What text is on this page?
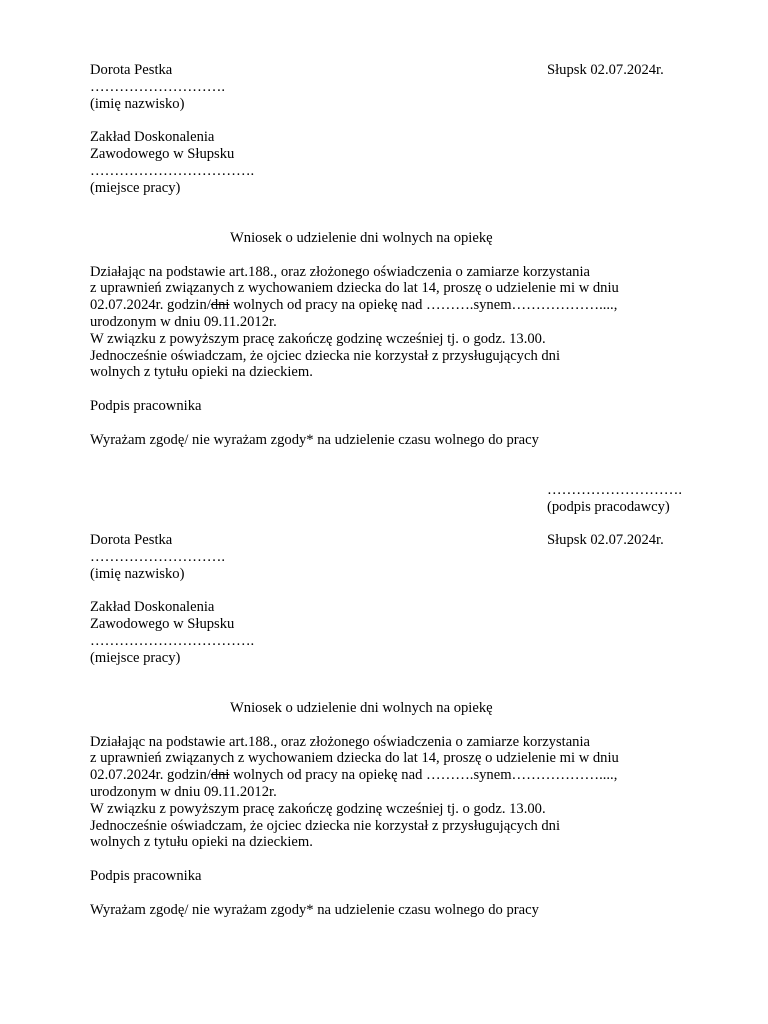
Dorota Pestka	Słupsk 02.07.2024r.
……………………….
(imię nazwisko)
Zakład Doskonalenia
Zawodowego w Słupsku
…………………………….
(miejsce pracy)
Wniosek o udzielenie dni wolnych na opiekę
Działając na podstawie art.188., oraz złożonego oświadczenia o zamiarze korzystania
z uprawnień związanych z wychowaniem dziecka do lat 14, proszę o udzielenie mi w dniu
02.07.2024r. godzin/dni wolnych od pracy na opiekę nad ……….synem………………....,
urodzonym w dniu 09.11.2012r.
W związku z powyższym pracę zakończę godzinę wcześniej tj. o godz. 13.00.
Jednocześnie oświadczam, że ojciec dziecka nie korzystał z przysługujących dni
wolnych z tytułu opieki na dzieckiem.
Podpis pracownika
Wyrażam zgodę/ nie wyrażam zgody* na udzielenie czasu wolnego do pracy
……………………….
(podpis pracodawcy)
Dorota Pestka	Słupsk 02.07.2024r.
……………………….
(imię nazwisko)
Zakład Doskonalenia
Zawodowego w Słupsku
…………………………….
(miejsce pracy)
Wniosek o udzielenie dni wolnych na opiekę
Działając na podstawie art.188., oraz złożonego oświadczenia o zamiarze korzystania
z uprawnień związanych z wychowaniem dziecka do lat 14, proszę o udzielenie mi w dniu
02.07.2024r. godzin/dni wolnych od pracy na opiekę nad ……….synem………………....,
urodzonym w dniu 09.11.2012r.
W związku z powyższym pracę zakończę godzinę wcześniej tj. o godz. 13.00.
Jednocześnie oświadczam, że ojciec dziecka nie korzystał z przysługujących dni
wolnych z tytułu opieki na dzieckiem.
Podpis pracownika
Wyrażam zgodę/ nie wyrażam zgody* na udzielenie czasu wolnego do pracy
